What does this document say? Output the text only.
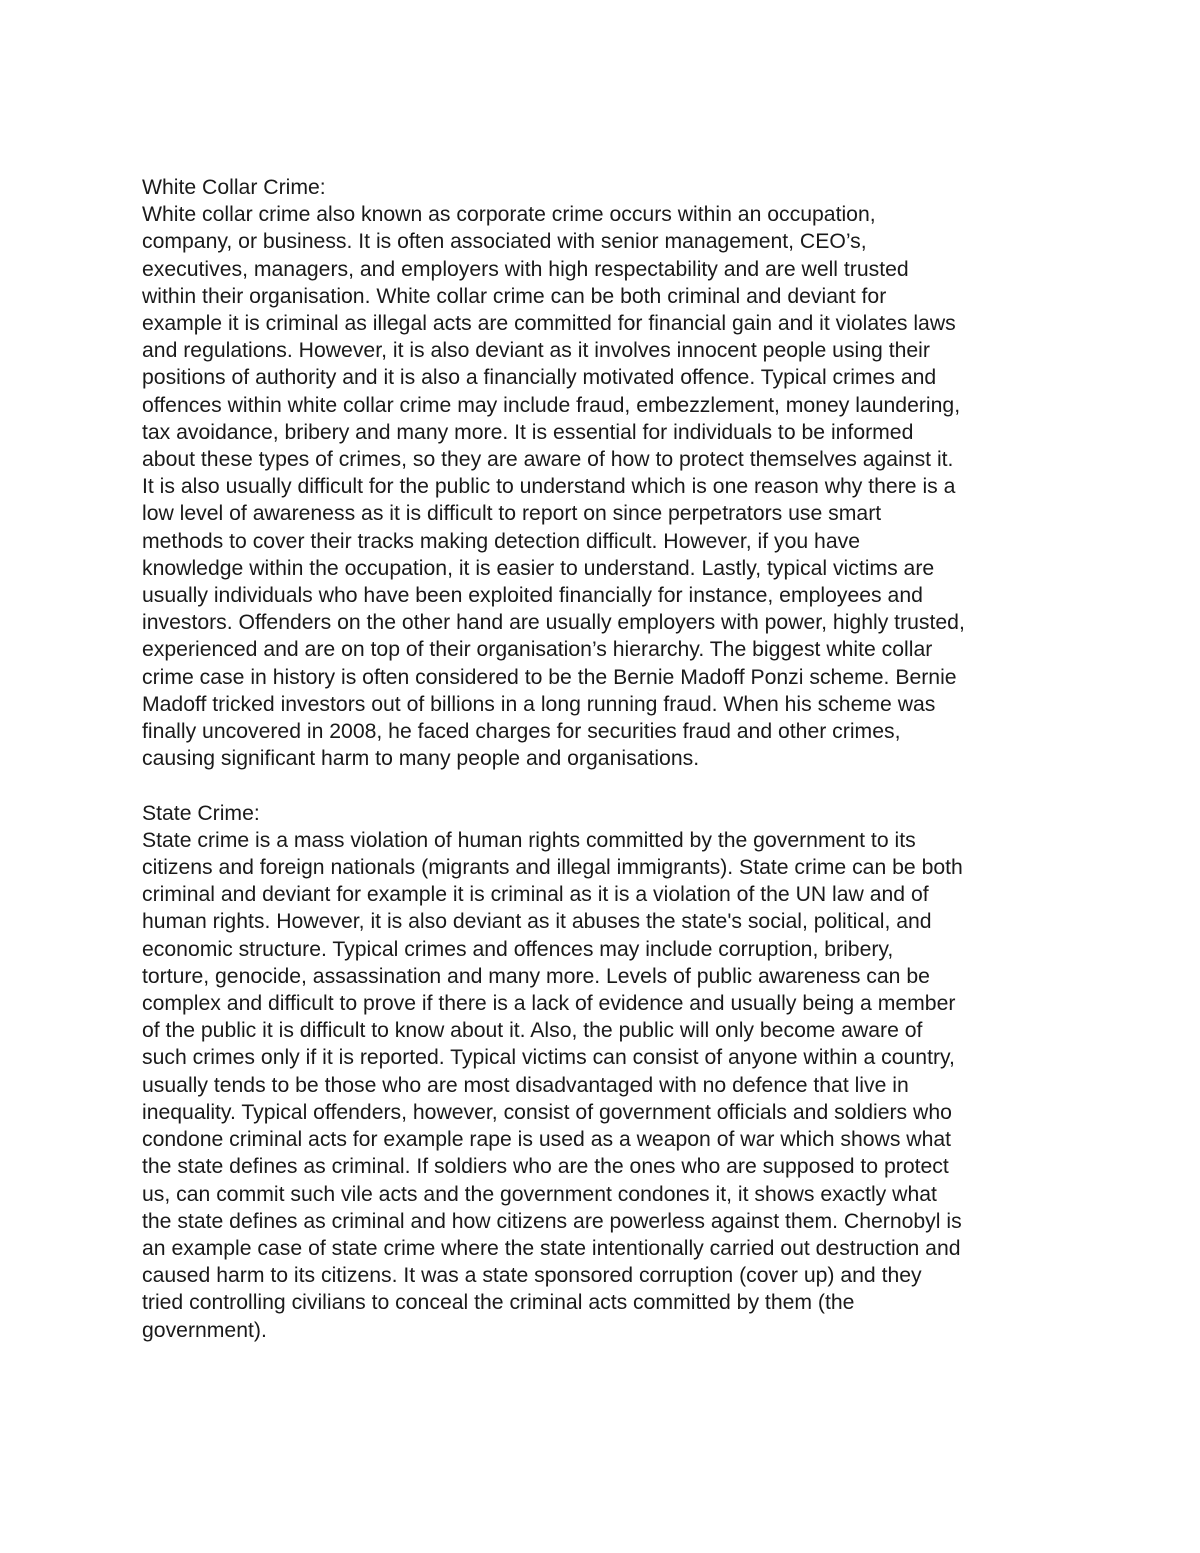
White Collar Crime:
White collar crime also known as corporate crime occurs within an occupation,
company, or business. It is often associated with senior management, CEO’s,
executives, managers, and employers with high respectability and are well trusted
within their organisation. White collar crime can be both criminal and deviant for
example it is criminal as illegal acts are committed for financial gain and it violates laws
and regulations. However, it is also deviant as it involves innocent people using their
positions of authority and it is also a financially motivated offence. Typical crimes and
offences within white collar crime may include fraud, embezzlement, money laundering,
tax avoidance, bribery and many more. It is essential for individuals to be informed
about these types of crimes, so they are aware of how to protect themselves against it.
It is also usually difficult for the public to understand which is one reason why there is a
low level of awareness as it is difficult to report on since perpetrators use smart
methods to cover their tracks making detection difficult. However, if you have
knowledge within the occupation, it is easier to understand. Lastly, typical victims are
usually individuals who have been exploited financially for instance, employees and
investors. Offenders on the other hand are usually employers with power, highly trusted,
experienced and are on top of their organisation’s hierarchy. The biggest white collar
crime case in history is often considered to be the Bernie Madoff Ponzi scheme. Bernie
Madoff tricked investors out of billions in a long running fraud. When his scheme was
finally uncovered in 2008, he faced charges for securities fraud and other crimes,
causing significant harm to many people and organisations.
State Crime:
State crime is a mass violation of human rights committed by the government to its
citizens and foreign nationals (migrants and illegal immigrants). State crime can be both
criminal and deviant for example it is criminal as it is a violation of the UN law and of
human rights. However, it is also deviant as it abuses the state's social, political, and
economic structure. Typical crimes and offences may include corruption, bribery,
torture, genocide, assassination and many more. Levels of public awareness can be
complex and difficult to prove if there is a lack of evidence and usually being a member
of the public it is difficult to know about it. Also, the public will only become aware of
such crimes only if it is reported. Typical victims can consist of anyone within a country,
usually tends to be those who are most disadvantaged with no defence that live in
inequality. Typical offenders, however, consist of government officials and soldiers who
condone criminal acts for example rape is used as a weapon of war which shows what
the state defines as criminal. If soldiers who are the ones who are supposed to protect
us, can commit such vile acts and the government condones it, it shows exactly what
the state defines as criminal and how citizens are powerless against them. Chernobyl is
an example case of state crime where the state intentionally carried out destruction and
caused harm to its citizens. It was a state sponsored corruption (cover up) and they
tried controlling civilians to conceal the criminal acts committed by them (the
government).
